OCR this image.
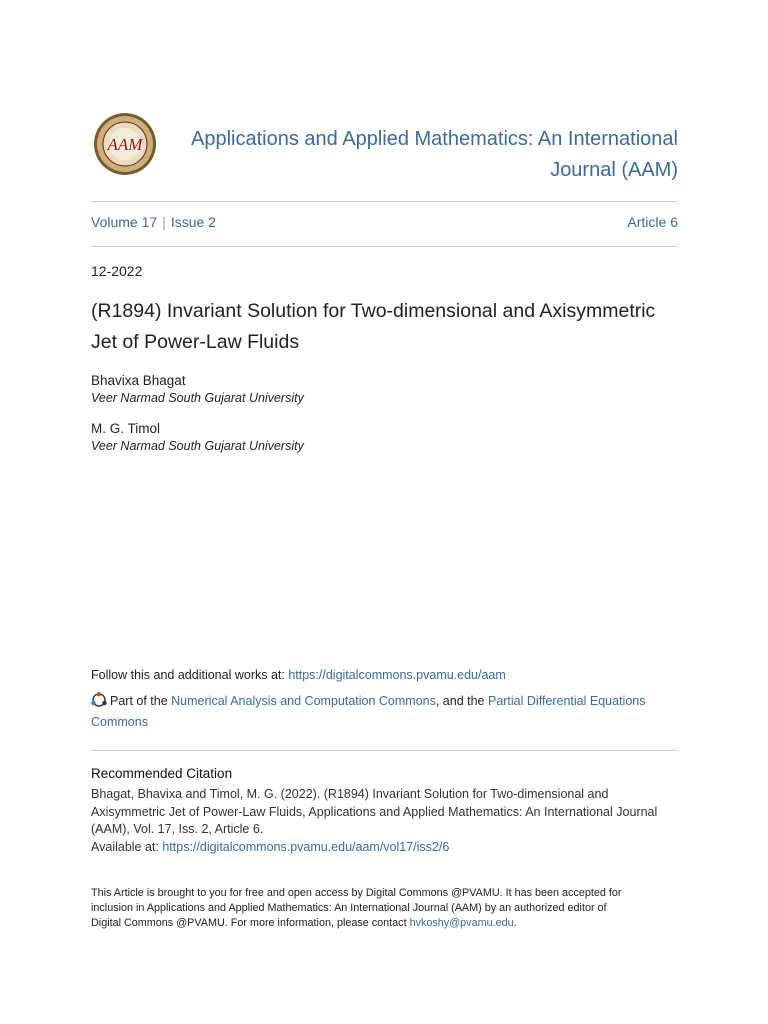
AAM	Applications and Applied Mathematics: An International
Journal (AAM)
Volume 17 | Issue 2	Article 6
12-2022
(R1894) Invariant Solution for Two-dimensional and Axisymmetric
Jet of Power-Law Fluids
Bhavixa Bhagat
Veer Narmad South Gujarat University
M. G. Timol
Veer Narmad South Gujarat University
Follow this and additional works at: https://digitalcommons.pvamu.edu/aam
Part of the Numerical Analysis and Computation Commons, and the Partial Differential Equations
Commons
Recommended Citation
Bhagat, Bhavixa and Timol, M. G. (2022). (R1894) Invariant Solution for Two-dimensional and
Axisymmetric Jet of Power-Law Fluids, Applications and Applied Mathematics: An International Journal
(AAM), Vol. 17, Iss. 2, Article 6.
Available at: https://digitalcommons.pvamu.edu/aam/vol17/iss2/6
This Article is brought to you for free and open access by Digital Commons @PVAMU. It has been accepted for
inclusion in Applications and Applied Mathematics: An International Journal (AAM) by an authorized editor of
Digital Commons @PVAMU. For more information, please contact hvkoshy@pvamu.edu.
